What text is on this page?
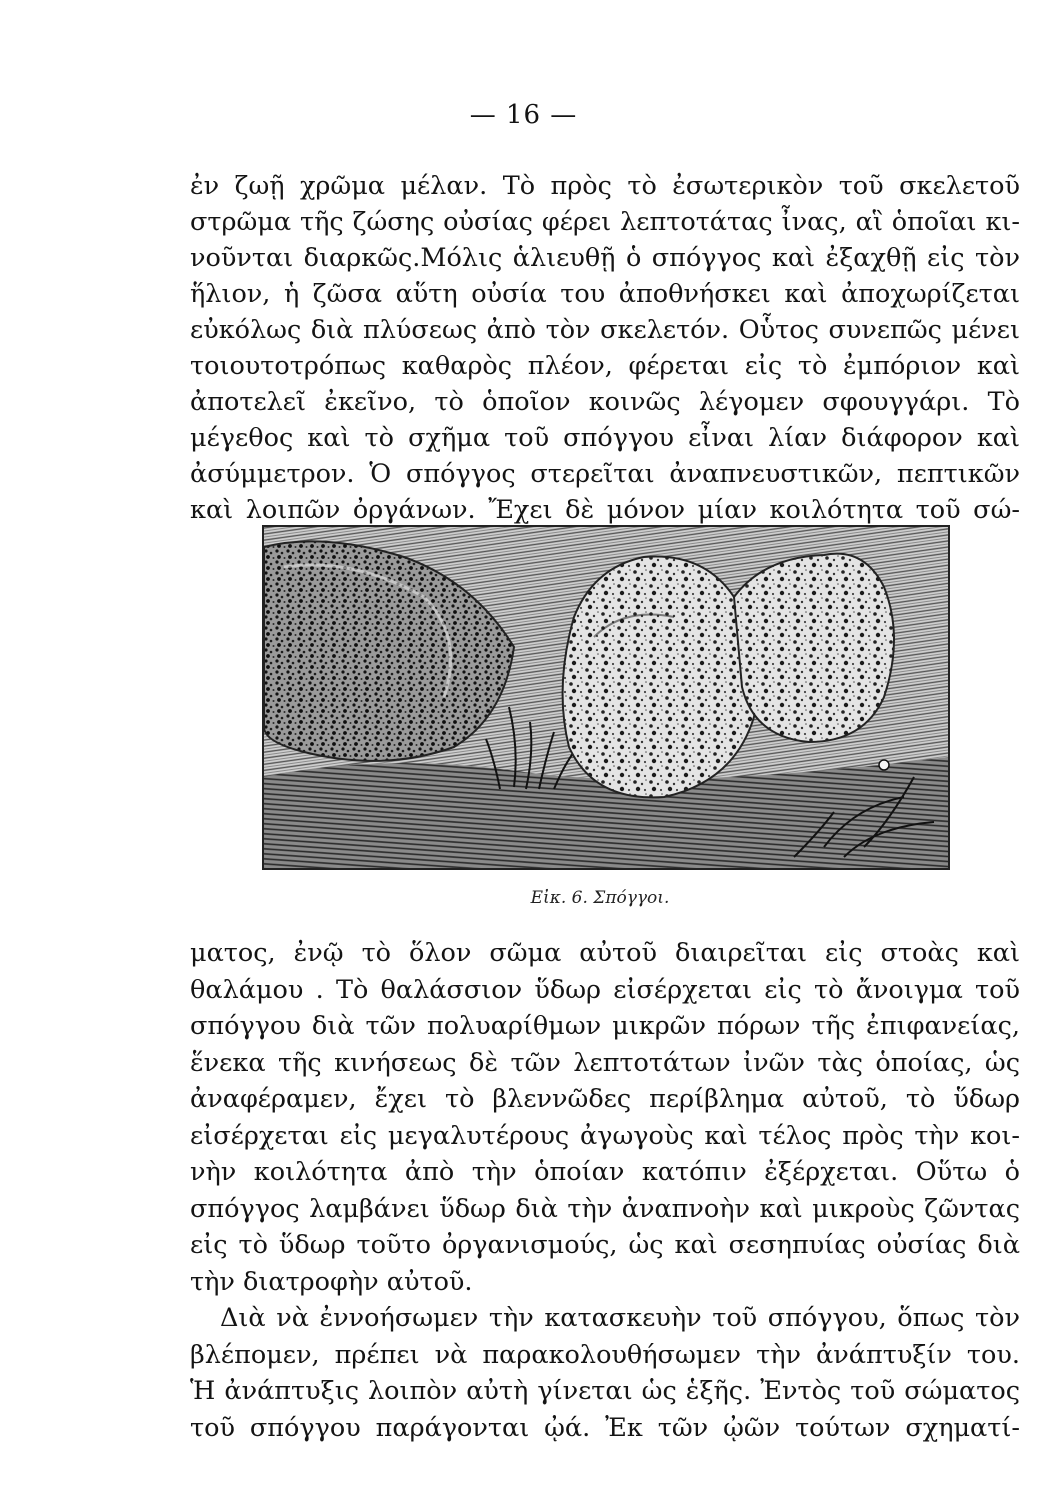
— 16 —
ἐν ζωῇ χρῶμα μέλαν. Τὸ πρὸς τὸ ἐσωτερικὸν τοῦ σκελετοῦ
στρῶμα τῆς ζώσης οὐσίας φέρει λεπτοτάτας ἶνας, αἳ ὁποῖαι κι-
νοῦνται διαρκῶς.Μόλις ἁλιευθῇ ὁ σπόγγος καὶ ἐξαχθῇ εἰς τὸν
ἥλιον, ἡ ζῶσα αὕτη οὐσία του ἀποθνήσκει καὶ ἀποχωρίζεται
εὐκόλως διὰ πλύσεως ἀπὸ τὸν σκελετόν. Οὗτος συνεπῶς μένει
τοιουτοτρόπως καθαρὸς πλέον, φέρεται εἰς τὸ ἐμπόριον καὶ
ἀποτελεῖ ἐκεῖνο, τὸ ὁποῖον κοινῶς λέγομεν σφουγγάρι. Τὸ
μέγεθος καὶ τὸ σχῆμα τοῦ σπόγγου εἶναι λίαν διάφορον καὶ
ἀσύμμετρον. Ὁ σπόγγος στερεῖται ἀναπνευστικῶν, πεπτικῶν
καὶ λοιπῶν ὀργάνων. Ἔχει δὲ μόνον μίαν κοιλότητα τοῦ σώ-
Εἰκ. 6. Σπόγγοι.
ματος, ἐνῷ τὸ ὅλον σῶμα αὐτοῦ διαιρεῖται εἰς στοὰς καὶ
θαλάμου . Τὸ θαλάσσιον ὕδωρ εἰσέρχεται εἰς τὸ ἄνοιγμα τοῦ
σπόγγου διὰ τῶν πολυαρίθμων μικρῶν πόρων τῆς ἐπιφανείας,
ἕνεκα τῆς κινήσεως δὲ τῶν λεπτοτάτων ἰνῶν τὰς ὁποίας, ὡς
ἀναφέραμεν, ἔχει τὸ βλεννῶδες περίβλημα αὐτοῦ, τὸ ὕδωρ
εἰσέρχεται εἰς μεγαλυτέρους ἀγωγοὺς καὶ τέλος πρὸς τὴν κοι-
νὴν κοιλότητα ἀπὸ τὴν ὁποίαν κατόπιν ἐξέρχεται. Οὕτω ὁ
σπόγγος λαμβάνει ὕδωρ διὰ τὴν ἀναπνοὴν καὶ μικροὺς ζῶντας
εἰς τὸ ὕδωρ τοῦτο ὀργανισμούς, ὡς καὶ σεσηπυίας οὐσίας διὰ
τὴν διατροφὴν αὐτοῦ.
Διὰ νὰ ἐννοήσωμεν τὴν κατασκευὴν τοῦ σπόγγου, ὅπως τὸν
βλέπομεν, πρέπει νὰ παρακολουθήσωμεν τὴν ἀνάπτυξίν του.
Ἡ ἀνάπτυξις λοιπὸν αὐτὴ γίνεται ὡς ἑξῆς. Ἐντὸς τοῦ σώματος
τοῦ σπόγγου παράγονται ᾠά. Ἐκ τῶν ᾠῶν τούτων σχηματί-
